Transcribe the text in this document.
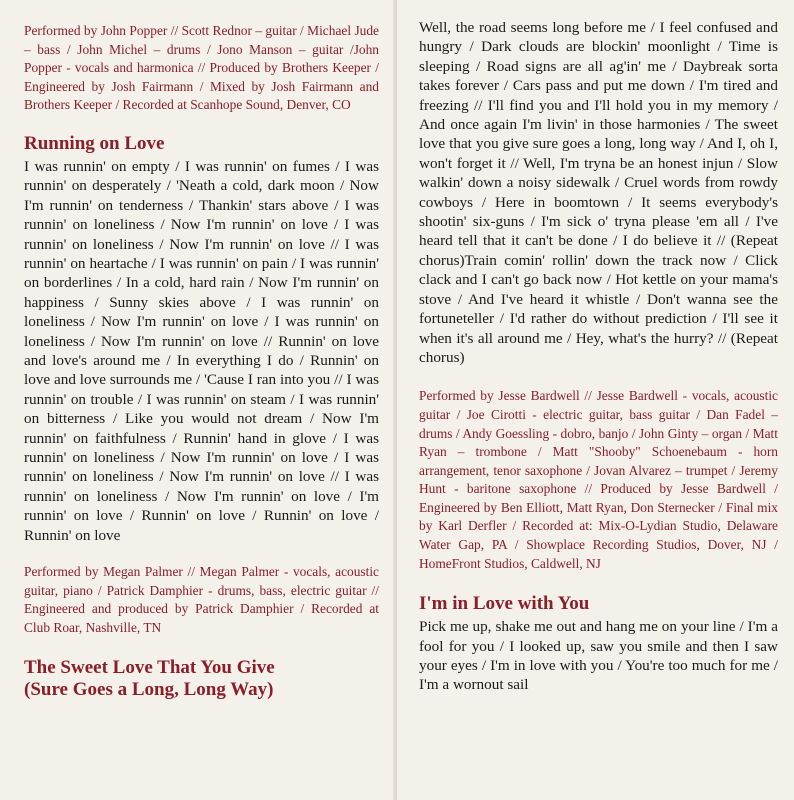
Performed by John Popper // Scott Rednor – guitar / Michael Jude – bass / John Michel – drums / Jono Manson – guitar /John Popper - vocals and harmonica // Produced by Brothers Keeper / Engineered by Josh Fairmann / Mixed by Josh Fairmann and Brothers Keeper / Recorded at Scanhope Sound, Denver, CO

Running on Love

I was runnin' on empty / I was runnin' on fumes / I was runnin' on desperately / 'Neath a cold, dark moon / Now I'm runnin' on tenderness / Thankin' stars above / I was runnin' on loneliness / Now I'm runnin' on love / I was runnin' on loneliness / Now I'm runnin' on love // I was runnin' on heartache / I was runnin' on pain / I was runnin' on borderlines / In a cold, hard rain / Now I'm runnin' on happiness / Sunny skies above / I was runnin' on loneliness / Now I'm runnin' on love / I was runnin' on loneliness / Now I'm runnin' on love // Runnin' on love and love's around me / In everything I do / Runnin' on love and love surrounds me / 'Cause I ran into you // I was runnin' on trouble / I was runnin' on steam / I was runnin' on bitterness / Like you would not dream / Now I'm runnin' on faithfulness / Runnin' hand in glove / I was runnin' on loneliness / Now I'm runnin' on love / I was runnin' on loneliness / Now I'm runnin' on love // I was runnin' on loneliness / Now I'm runnin' on love / I'm runnin' on love / Runnin' on love / Runnin' on love / Runnin' on love

Performed by Megan Palmer // Megan Palmer - vocals, acoustic guitar, piano / Patrick Damphier - drums, bass, electric guitar // Engineered and produced by Patrick Damphier / Recorded at Club Roar, Nashville, TN

The Sweet Love That You Give
(Sure Goes a Long, Long Way)

Well, the road seems long before me / I feel confused and hungry / Dark clouds are blockin' moonlight / Time is sleeping / Road signs are all ag'in' me / Daybreak sorta takes forever / Cars pass and put me down / I'm tired and freezing // I'll find you and I'll hold you in my memory / And once again I'm livin' in those harmonies / The sweet love that you give sure goes a long, long way / And I, oh I, won't forget it // Well, I'm tryna be an honest injun / Slow walkin' down a noisy sidewalk / Cruel words from rowdy cowboys / Here in boomtown / It seems everybody's shootin' six-guns / I'm sick o' tryna please 'em all / I've heard tell that it can't be done / I do believe it // (Repeat chorus)Train comin' rollin' down the track now / Click clack and I can't go back now / Hot kettle on your mama's stove / And I've heard it whistle / Don't wanna see the fortuneteller / I'd rather do without prediction / I'll see it when it's all around me / Hey, what's the hurry? // (Repeat chorus)

Performed by Jesse Bardwell // Jesse Bardwell - vocals, acoustic guitar / Joe Cirotti - electric guitar, bass guitar / Dan Fadel – drums / Andy Goessling - dobro, banjo / John Ginty – organ / Matt Ryan – trombone / Matt "Shooby" Schoenebaum - horn arrangement, tenor saxophone / Jovan Alvarez – trumpet / Jeremy Hunt - baritone saxophone // Produced by Jesse Bardwell / Engineered by Ben Elliott, Matt Ryan, Don Sternecker / Final mix by Karl Derfler / Recorded at: Mix-O-Lydian Studio, Delaware Water Gap, PA / Showplace Recording Studios, Dover, NJ / HomeFront Studios, Caldwell, NJ

I'm in Love with You

Pick me up, shake me out and hang me on your line / I'm a fool for you / I looked up, saw you smile and then I saw your eyes / I'm in love with you / You're too much for me / I'm a wornout sail
